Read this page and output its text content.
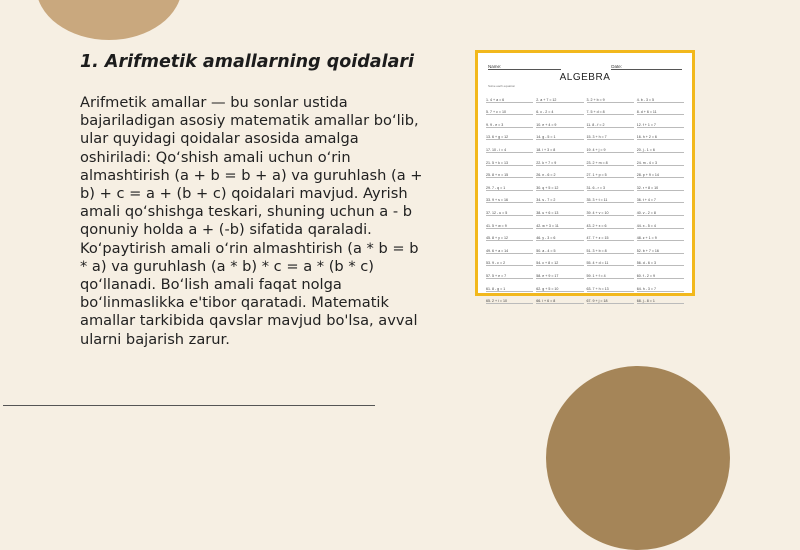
1. Arifmetik amallarning qoidalari

Arifmetik amallar — bu sonlar ustida bajariladigan asosiy matematik amallar bo‘lib, ular quyidagi qoidalar asosida amalga oshiriladi: Qo‘shish amali uchun o‘rin almashtirish (a + b = b + a) va guruhlash (a + b) + c = a + (b + c) qoidalari mavjud. Ayrish amali qo‘shishga teskari, shuning uchun a - b qonuniy holda a + (-b) sifatida qaraladi. Ko‘paytirish amali o‘rin almashtirish (a * b = b * a) va guruhlash (a * b) * c = a * (b * c) qo‘llanadi. Bo‘lish amali faqat nolga bo‘linmaslikka e'tibor qaratadi. Matematik amallar tarkibida qavslar mavjud bo'lsa, avval ularni bajarish zarur.

Name:	Date:
ALGEBRA
Solve each equation
1. 4 + a = 6	2. a + 7 = 12	3. 2 + b = 9	4. b - 3 = 5
5. 7 + c = 10	6. c - 2 = 4	7. 5 + d = 8	8. d + 6 = 11
9. 9 - e = 3	10. e + 4 = 9	11. 8 - f = 2	12. f + 1 = 7
13. 6 + g = 12	14. g - 5 = 1	15. 3 + h = 7	16. h + 2 = 6
17. 10 - i = 4	18. i + 3 = 8	19. 4 + j = 9	20. j - 1 = 6
21. 5 + k = 13	22. k + 7 = 9	23. 2 + m = 8	24. m - 4 = 3
25. 8 + n = 15	26. n - 6 = 2	27. 1 + p = 5	28. p + 9 = 14
29. 7 - q = 1	30. q + 5 = 12	31. 6 - r = 3	32. r + 8 = 10
33. 9 + s = 16	34. s - 7 = 2	35. 3 + t = 11	36. t + 4 = 7
37. 12 - u = 5	38. u + 6 = 13	39. 4 + v = 10	40. v - 2 = 8
41. 5 + w = 9	42. w + 3 = 11	43. 2 + x = 6	44. x - 5 = 4
45. 8 + y = 12	46. y - 3 = 6	47. 7 + z = 15	48. z + 1 = 9
49. 6 + a = 14	50. a - 4 = 5	51. 3 + b = 8	52. b + 7 = 16
53. 9 - c = 2	54. c + 8 = 12	55. 4 + d = 11	56. d - 6 = 3
57. 5 + e = 7	58. e + 9 = 17	59. 1 + f = 4	60. f - 2 = 9
61. 8 - g = 1	62. g + 5 = 10	63. 7 + h = 13	64. h - 3 = 7
65. 2 + i = 10	66. i + 6 = 8	67. 9 + j = 18	68. j - 8 = 1
